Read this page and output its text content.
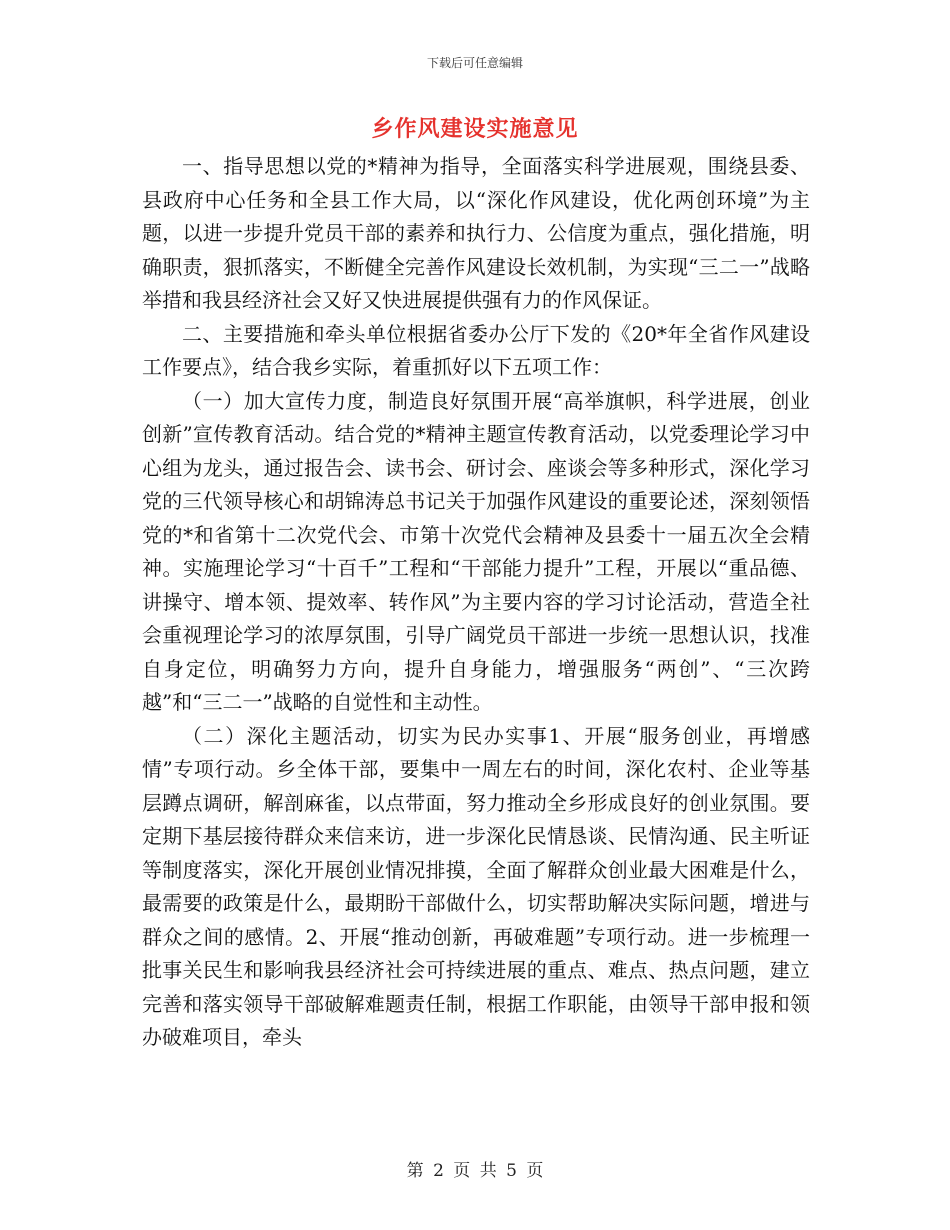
下载后可任意编辑
乡作风建设实施意见

一、指导思想以党的*精神为指导，全面落实科学进展观，围绕县委、县政府中心任务和全县工作大局，以“深化作风建设，优化两创环境”为主题，以进一步提升党员干部的素养和执行力、公信度为重点，强化措施，明确职责，狠抓落实，不断健全完善作风建设长效机制，为实现“三二一”战略举措和我县经济社会又好又快进展提供强有力的作风保证。

二、主要措施和牵头单位根据省委办公厅下发的《20*年全省作风建设工作要点》，结合我乡实际，着重抓好以下五项工作：

（一）加大宣传力度，制造良好氛围开展“高举旗帜，科学进展，创业创新”宣传教育活动。结合党的*精神主题宣传教育活动，以党委理论学习中心组为龙头，通过报告会、读书会、研讨会、座谈会等多种形式，深化学习党的三代领导核心和胡锦涛总书记关于加强作风建设的重要论述，深刻领悟党的*和省第十二次党代会、市第十次党代会精神及县委十一届五次全会精神。实施理论学习“十百千”工程和“干部能力提升”工程，开展以“重品德、讲操守、增本领、提效率、转作风”为主要内容的学习讨论活动，营造全社会重视理论学习的浓厚氛围，引导广阔党员干部进一步统一思想认识，找准自身定位，明确努力方向，提升自身能力，增强服务“两创”、“三次跨越”和“三二一”战略的自觉性和主动性。

（二）深化主题活动，切实为民办实事1、开展“服务创业，再增感情”专项行动。乡全体干部，要集中一周左右的时间，深化农村、企业等基层蹲点调研，解剖麻雀，以点带面，努力推动全乡形成良好的创业氛围。要定期下基层接待群众来信来访，进一步深化民情恳谈、民情沟通、民主听证等制度落实，深化开展创业情况排摸，全面了解群众创业最大困难是什么，最需要的政策是什么，最期盼干部做什么，切实帮助解决实际问题，增进与群众之间的感情。2、开展“推动创新，再破难题”专项行动。进一步梳理一批事关民生和影响我县经济社会可持续进展的重点、难点、热点问题，建立完善和落实领导干部破解难题责任制，根据工作职能，由领导干部申报和领办破难项目，牵头

第 2 页 共 5 页
